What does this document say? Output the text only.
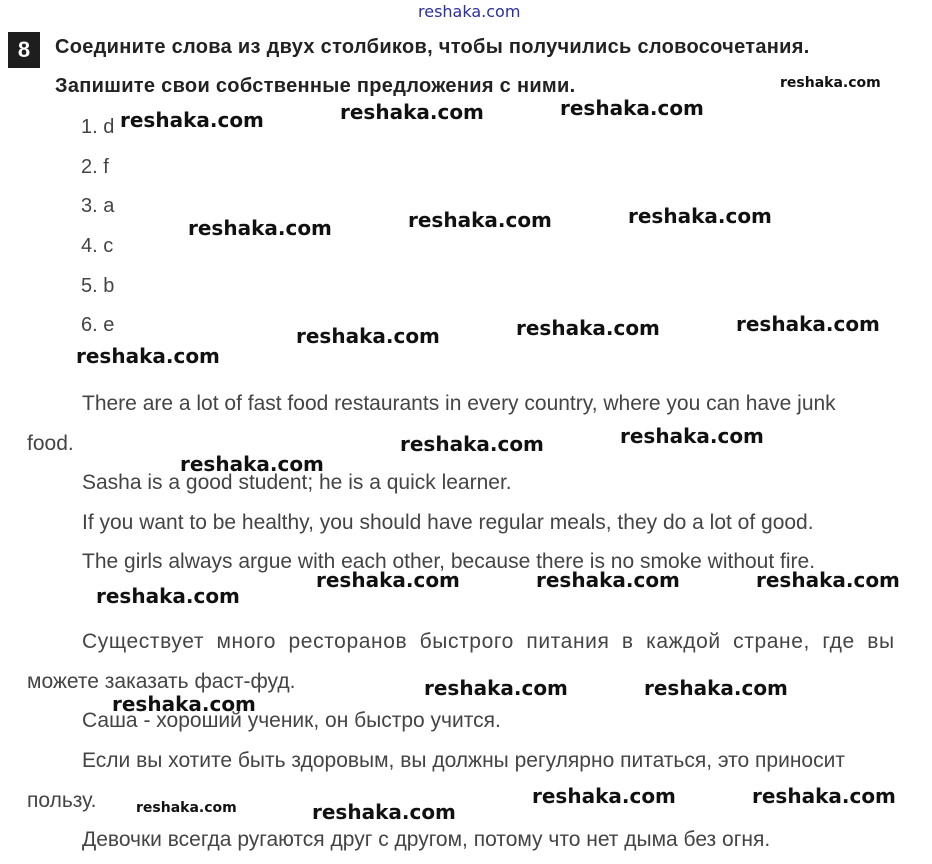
reshaka.com
8	Соедините слова из двух столбиков, чтобы получились словосочетания.
Запишите свои собственные предложения с ними.
1. d
2. f
3. a
4. c
5. b
6. e
There are a lot of fast food restaurants in every country, where you can have junk
food.
Sasha is a good student; he is a quick learner.
If you want to be healthy, you should have regular meals, they do a lot of good.
The girls always argue with each other, because there is no smoke without fire.
Существует много ресторанов быстрого питания в каждой стране, где вы
можете заказать фаст-фуд.
Саша - хороший ученик, он быстро учится.
Если вы хотите быть здоровым, вы должны регулярно питаться, это приносит
пользу.
Девочки всегда ругаются друг с другом, потому что нет дыма без огня.
reshaka.com
reshaka.com	reshaka.com	reshaka.com
reshaka.com	reshaka.com	reshaka.com
reshaka.com	reshaka.com	reshaka.com
reshaka.com
reshaka.com	reshaka.com
reshaka.com
reshaka.com	reshaka.com	reshaka.com
reshaka.com
reshaka.com	reshaka.com
reshaka.com
reshaka.com	reshaka.com
reshaka.com	reshaka.com
